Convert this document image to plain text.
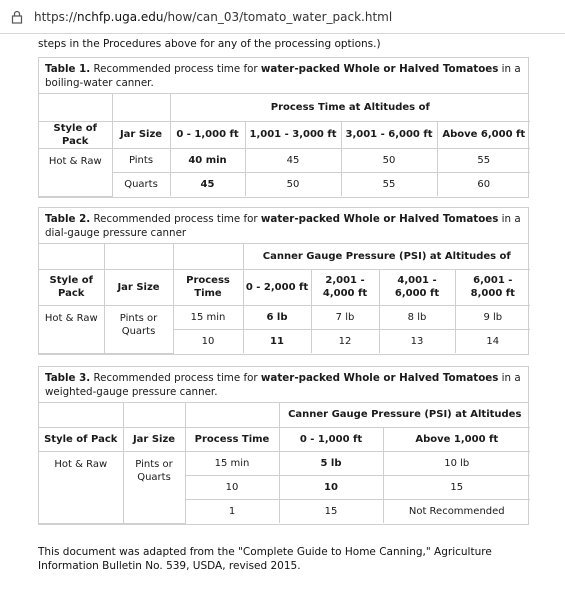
https://nchfp.uga.edu/how/can_03/tomato_water_pack.html
steps in the Procedures above for any of the processing options.)
Table 1. Recommended process time for water-packed Whole or Halved Tomatoes in a boiling-water canner.
		Process Time at Altitudes of			
Style of Pack	Jar Size	0 - 1,000 ft	1,001 - 3,000 ft	3,001 - 6,000 ft	Above 6,000 ft
Hot & Raw	Pints	40 min	45	50	55
	Quarts	45	50	55	60
Table 2. Recommended process time for water-packed Whole or Halved Tomatoes in a dial-gauge pressure canner
			Canner Gauge Pressure (PSI) at Altitudes of			
Style of Pack	Jar Size	Process Time	0 - 2,000 ft	2,001 - 4,000 ft	4,001 - 6,000 ft	6,001 - 8,000 ft
Hot & Raw	Pints or Quarts	15 min	6 lb	7 lb	8 lb	9 lb
		10	11	12	13	14
Table 3. Recommended process time for water-packed Whole or Halved Tomatoes in a weighted-gauge pressure canner.
			Canner Gauge Pressure (PSI) at Altitudes	
Style of Pack	Jar Size	Process Time	0 - 1,000 ft	Above 1,000 ft
Hot & Raw	Pints or Quarts	15 min	5 lb	10 lb
		10	10	15
		1	15	Not Recommended
This document was adapted from the "Complete Guide to Home Canning," Agriculture Information Bulletin No. 539, USDA, revised 2015.
